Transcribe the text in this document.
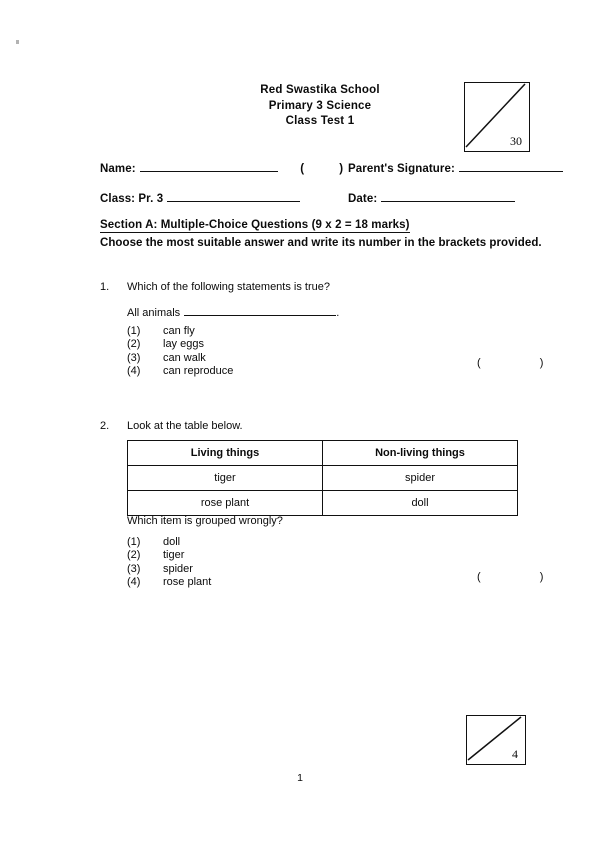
Red Swastika School
Primary 3 Science
Class Test 1
30
Name:	( )
Parent's Signature:
Class: Pr. 3	Date:
Section A: Multiple-Choice Questions (9 x 2 = 18 marks)
Choose the most suitable answer and write its number in the brackets provided.
1. Which of the following statements is true?
All animals	.
(1)	can fly
(2)	lay eggs
(3)	can walk
(4)	can reproduce
( )
2. Look at the table below.
Living things	Non-living things
tiger	spider
rose plant	doll
Which item is grouped wrongly?
(1)	doll
(2)	tiger
(3)	spider
(4)	rose plant	( )
4
1
